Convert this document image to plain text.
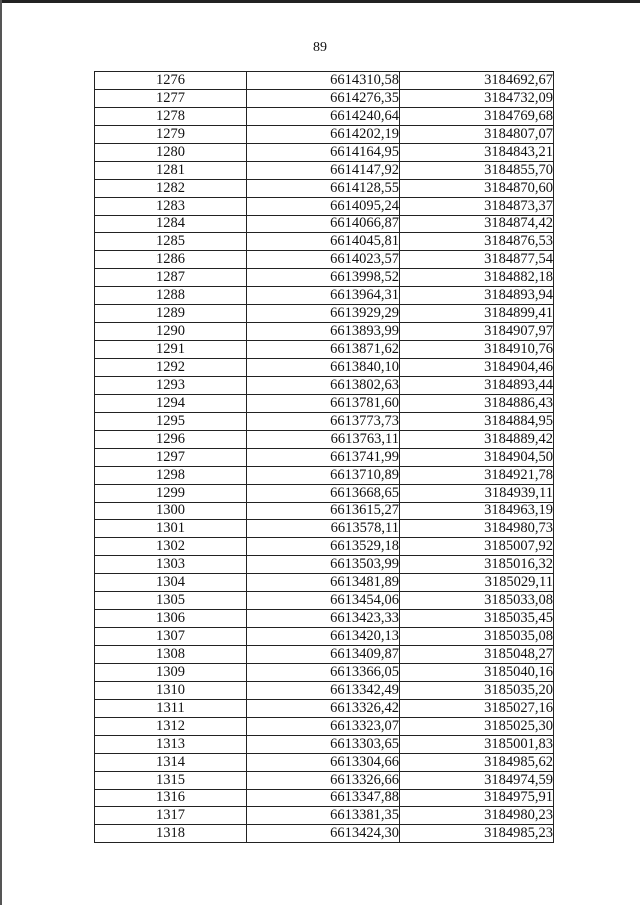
89
1276	6614310,58	3184692,67
1277	6614276,35	3184732,09
1278	6614240,64	3184769,68
1279	6614202,19	3184807,07
1280	6614164,95	3184843,21
1281	6614147,92	3184855,70
1282	6614128,55	3184870,60
1283	6614095,24	3184873,37
1284	6614066,87	3184874,42
1285	6614045,81	3184876,53
1286	6614023,57	3184877,54
1287	6613998,52	3184882,18
1288	6613964,31	3184893,94
1289	6613929,29	3184899,41
1290	6613893,99	3184907,97
1291	6613871,62	3184910,76
1292	6613840,10	3184904,46
1293	6613802,63	3184893,44
1294	6613781,60	3184886,43
1295	6613773,73	3184884,95
1296	6613763,11	3184889,42
1297	6613741,99	3184904,50
1298	6613710,89	3184921,78
1299	6613668,65	3184939,11
1300	6613615,27	3184963,19
1301	6613578,11	3184980,73
1302	6613529,18	3185007,92
1303	6613503,99	3185016,32
1304	6613481,89	3185029,11
1305	6613454,06	3185033,08
1306	6613423,33	3185035,45
1307	6613420,13	3185035,08
1308	6613409,87	3185048,27
1309	6613366,05	3185040,16
1310	6613342,49	3185035,20
1311	6613326,42	3185027,16
1312	6613323,07	3185025,30
1313	6613303,65	3185001,83
1314	6613304,66	3184985,62
1315	6613326,66	3184974,59
1316	6613347,88	3184975,91
1317	6613381,35	3184980,23
1318	6613424,30	3184985,23
